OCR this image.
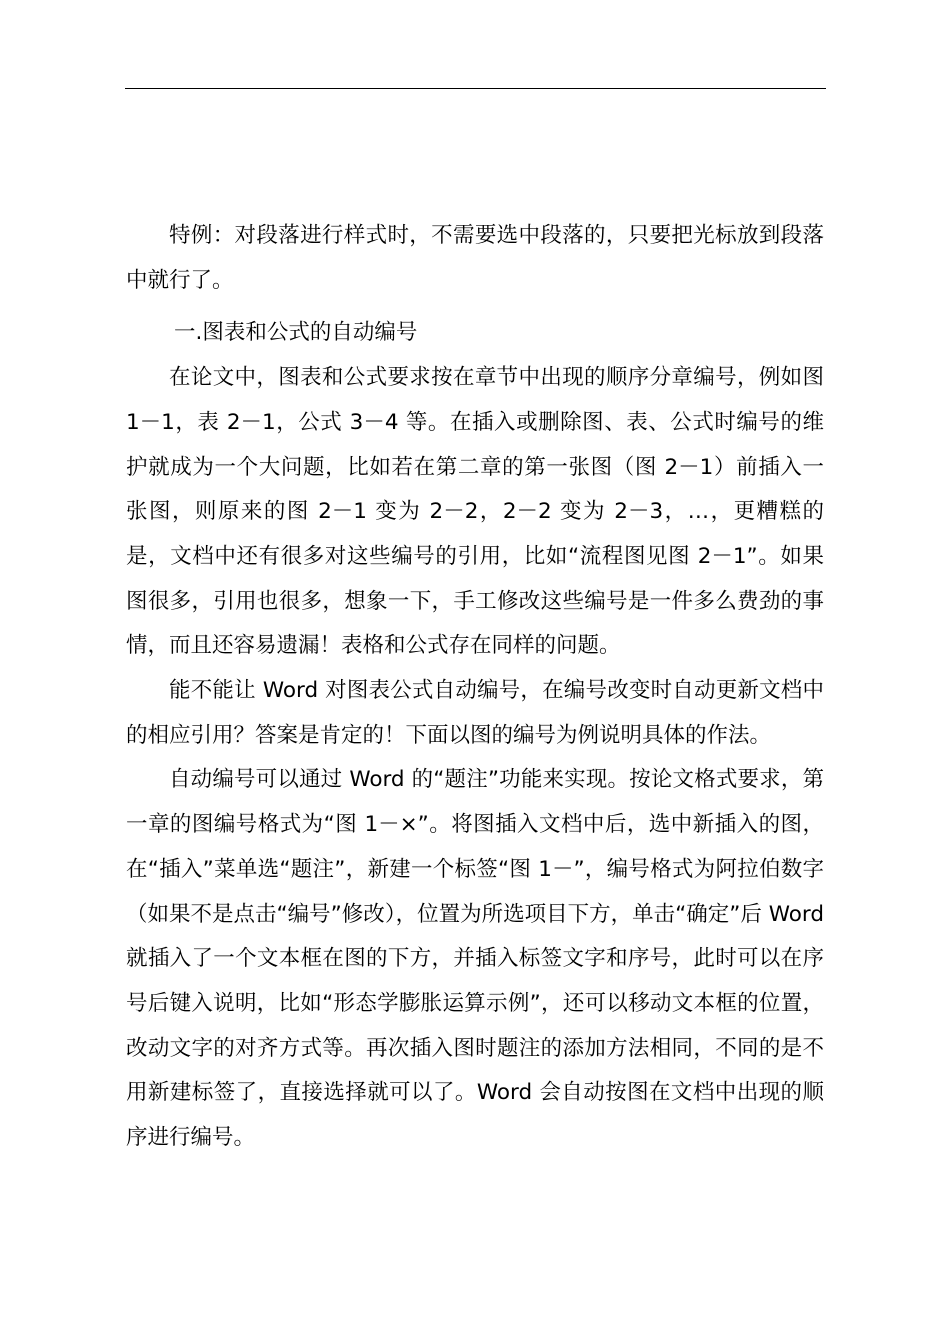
特例：对段落进行样式时，不需要选中段落的，只要把光标放到段落中就行了。

一.图表和公式的自动编号

在论文中，图表和公式要求按在章节中出现的顺序分章编号，例如图 1－1，表 2－1，公式 3－4 等。在插入或删除图、表、公式时编号的维护就成为一个大问题，比如若在第二章的第一张图（图 2－1）前插入一张图，则原来的图 2－1 变为 2－2，2－2 变为 2－3，…，更糟糕的是，文档中还有很多对这些编号的引用，比如“流程图见图 2－1”。如果图很多，引用也很多，想象一下，手工修改这些编号是一件多么费劲的事情，而且还容易遗漏！表格和公式存在同样的问题。

能不能让 Word 对图表公式自动编号，在编号改变时自动更新文档中的相应引用？答案是肯定的！下面以图的编号为例说明具体的作法。

自动编号可以通过 Word 的“题注”功能来实现。按论文格式要求，第一章的图编号格式为“图 1－×”。将图插入文档中后，选中新插入的图，在“插入”菜单选“题注”，新建一个标签“图 1－”，编号格式为阿拉伯数字（如果不是点击“编号”修改），位置为所选项目下方，单击“确定”后 Word 就插入了一个文本框在图的下方，并插入标签文字和序号，此时可以在序号后键入说明，比如“形态学膨胀运算示例”，还可以移动文本框的位置，改动文字的对齐方式等。再次插入图时题注的添加方法相同，不同的是不用新建标签了，直接选择就可以了。Word 会自动按图在文档中出现的顺序进行编号。
